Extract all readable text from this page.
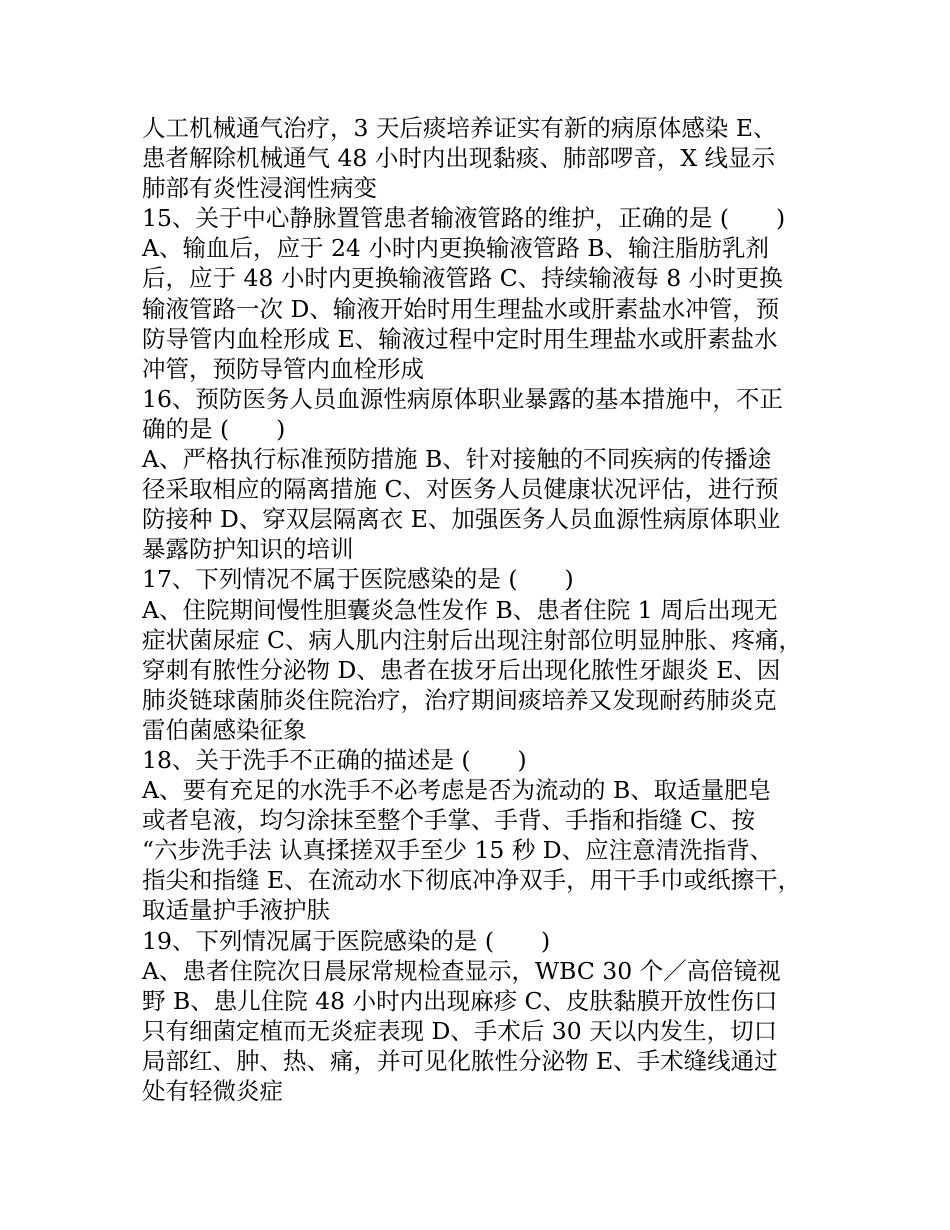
人工机械通气治疗，3 天后痰培养证实有新的病原体感染 E、
患者解除机械通气 48 小时内出现黏痰、肺部啰音，X 线显示
肺部有炎性浸润性病变
15、关于中心静脉置管患者输液管路的维护，正确的是 (　　)
A、输血后，应于 24 小时内更换输液管路 B、输注脂肪乳剂
后，应于 48 小时内更换输液管路 C、持续输液每 8 小时更换
输液管路一次 D、输液开始时用生理盐水或肝素盐水冲管，预
防导管内血栓形成 E、输液过程中定时用生理盐水或肝素盐水
冲管，预防导管内血栓形成
16、预防医务人员血源性病原体职业暴露的基本措施中，不正
确的是 (　　)
A、严格执行标准预防措施 B、针对接触的不同疾病的传播途
径采取相应的隔离措施 C、对医务人员健康状况评估，进行预
防接种 D、穿双层隔离衣 E、加强医务人员血源性病原体职业
暴露防护知识的培训
17、下列情况不属于医院感染的是 (　　)
A、住院期间慢性胆囊炎急性发作 B、患者住院 1 周后出现无
症状菌尿症 C、病人肌内注射后出现注射部位明显肿胀、疼痛，
穿刺有脓性分泌物 D、患者在拔牙后出现化脓性牙龈炎 E、因
肺炎链球菌肺炎住院治疗，治疗期间痰培养又发现耐药肺炎克
雷伯菌感染征象
18、关于洗手不正确的描述是 (　　)
A、要有充足的水洗手不必考虑是否为流动的 B、取适量肥皂
或者皂液，均匀涂抹至整个手掌、手背、手指和指缝 C、按
“六步洗手法 认真揉搓双手至少 15 秒 D、应注意清洗指背、
指尖和指缝 E、在流动水下彻底冲净双手，用干手巾或纸擦干，
取适量护手液护肤
19、下列情况属于医院感染的是 (　　)
A、患者住院次日晨尿常规检查显示，WBC 30 个／高倍镜视
野 B、患儿住院 48 小时内出现麻疹 C、皮肤黏膜开放性伤口
只有细菌定植而无炎症表现 D、手术后 30 天以内发生，切口
局部红、肿、热、痛，并可见化脓性分泌物 E、手术缝线通过
处有轻微炎症
